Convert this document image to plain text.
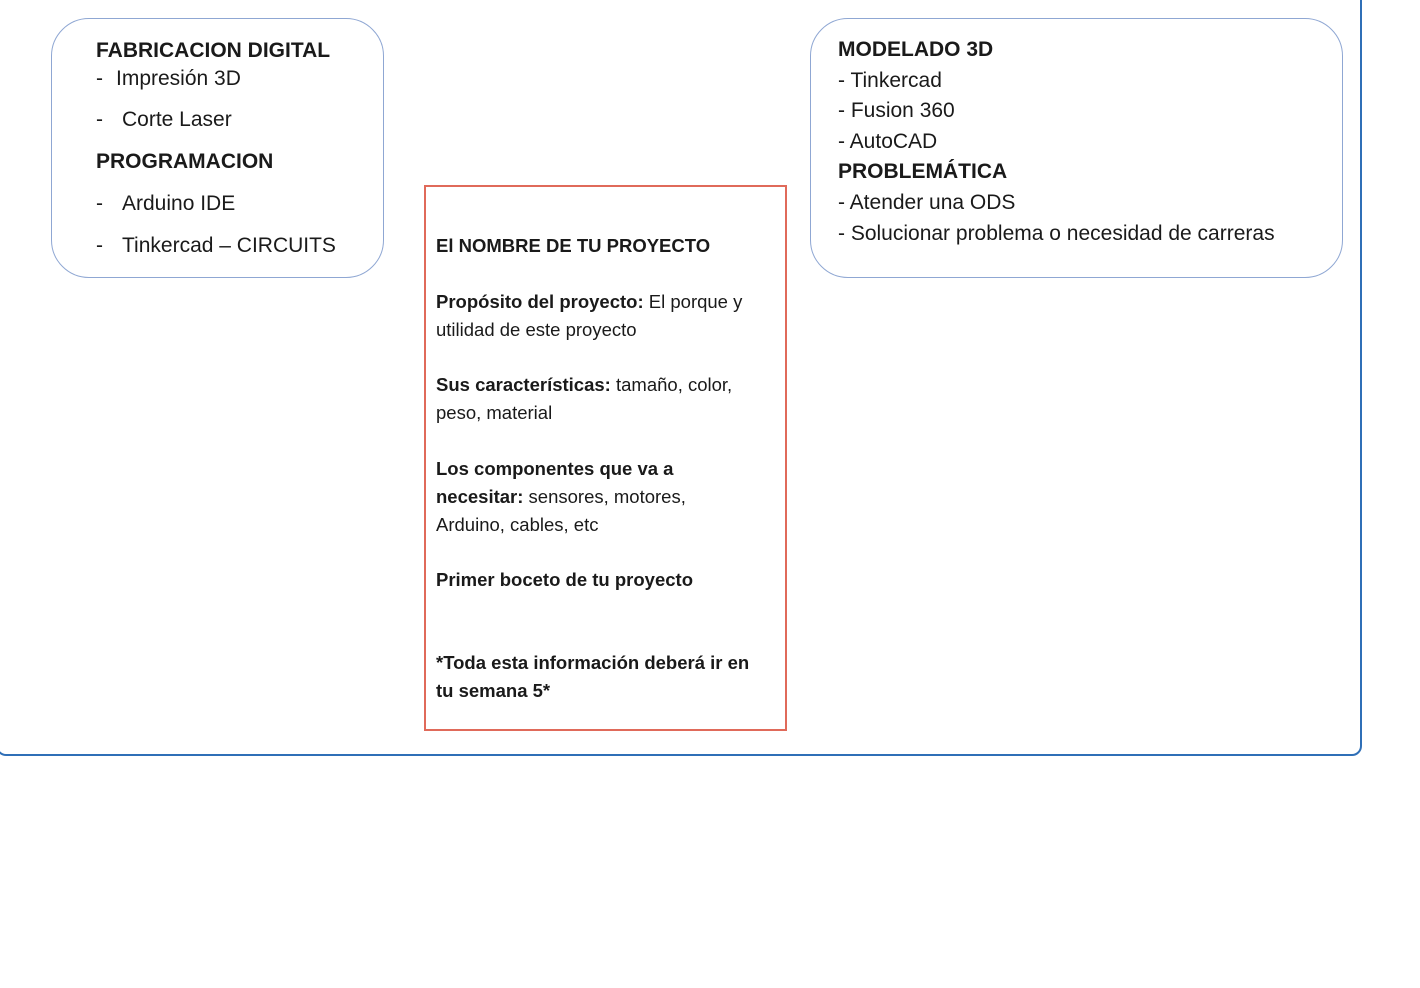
FABRICACION DIGITAL
- Impresión 3D
- Corte Laser
PROGRAMACION
- Arduino IDE
- Tinkercad – CIRCUITS
MODELADO 3D
- Tinkercad
- Fusion 360
- AutoCAD
PROBLEMÁTICA
- Atender una ODS
- Solucionar problema o necesidad de carreras
El NOMBRE DE TU PROYECTO
Propósito del proyecto: El porque y utilidad de este proyecto
Sus características: tamaño, color, peso, material
Los componentes que va a necesitar: sensores, motores, Arduino, cables, etc
Primer boceto de tu proyecto
*Toda esta información deberá ir en tu semana 5*
